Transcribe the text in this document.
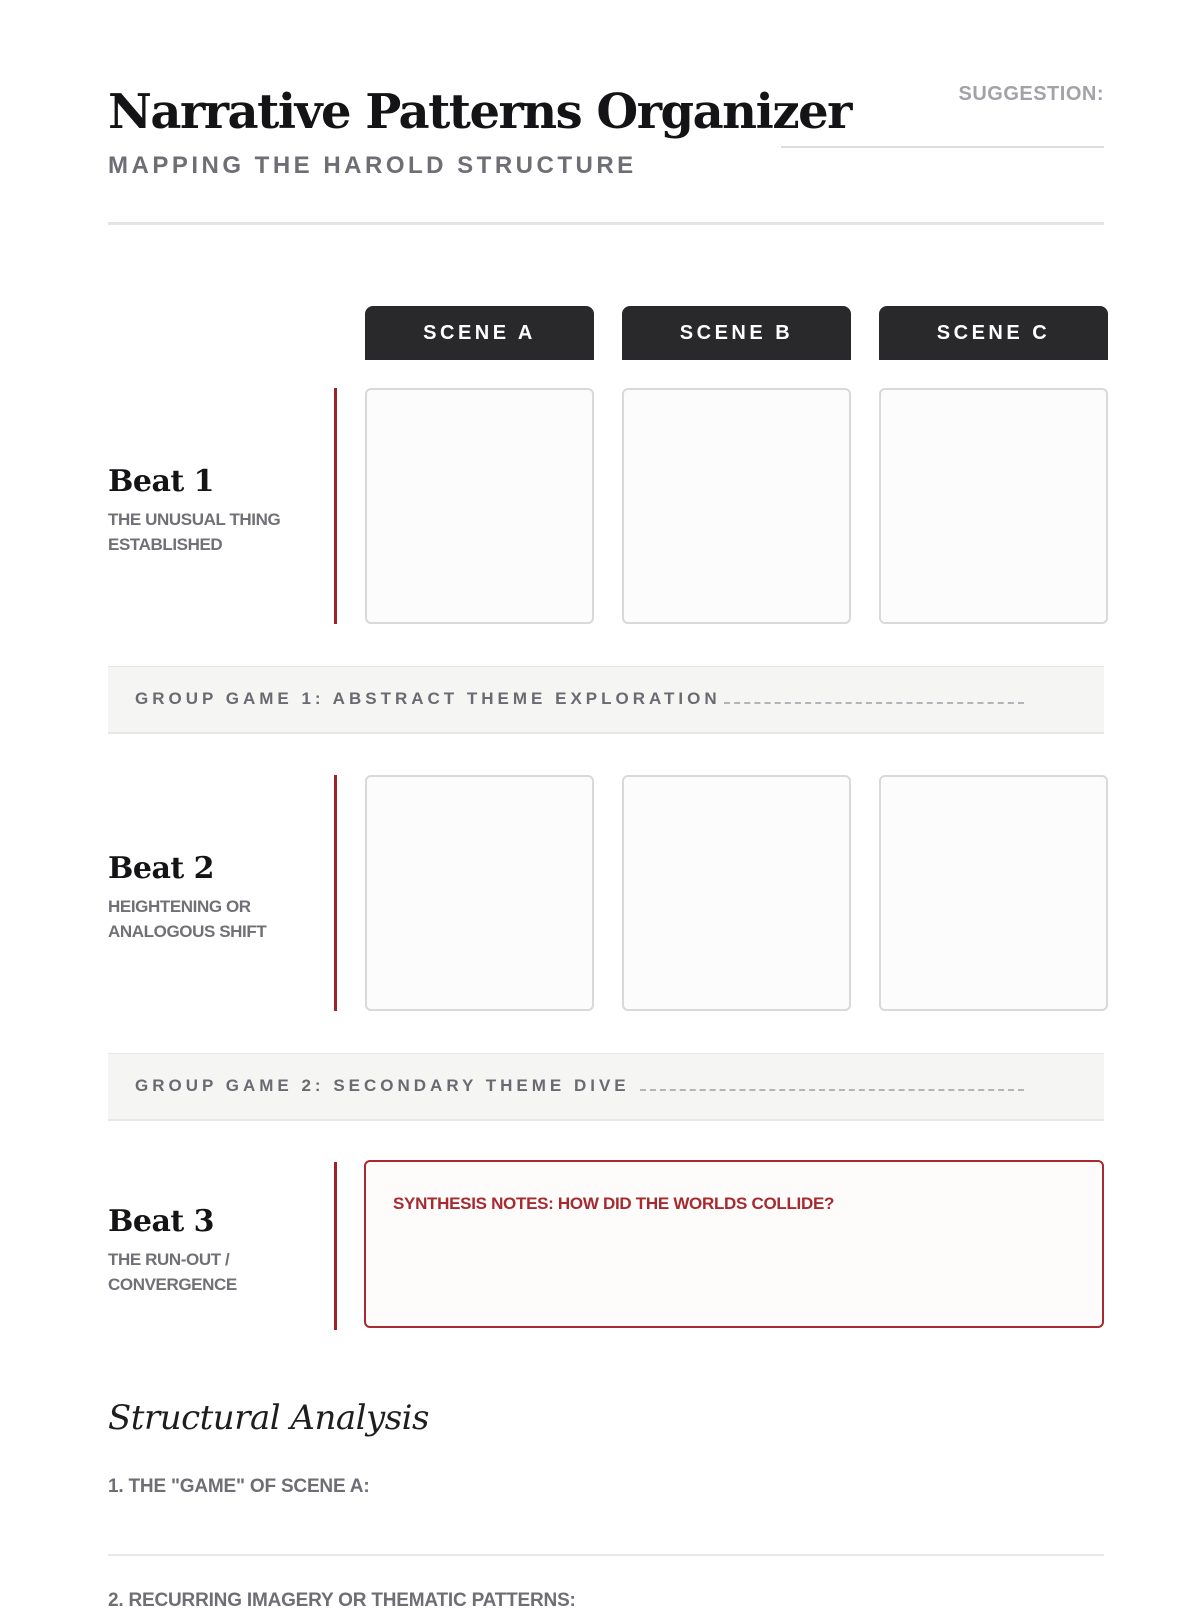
Narrative Patterns Organizer
MAPPING THE HAROLD STRUCTURE
SUGGESTION:
SCENE A	SCENE B	SCENE C
Beat 1
THE UNUSUAL THING ESTABLISHED
GROUP GAME 1: ABSTRACT THEME EXPLORATION
Beat 2
HEIGHTENING OR ANALOGOUS SHIFT
GROUP GAME 2: SECONDARY THEME DIVE
Beat 3
THE RUN-OUT / CONVERGENCE
SYNTHESIS NOTES: HOW DID THE WORLDS COLLIDE?
Structural Analysis
1. THE "GAME" OF SCENE A:
2. RECURRING IMAGERY OR THEMATIC PATTERNS:
